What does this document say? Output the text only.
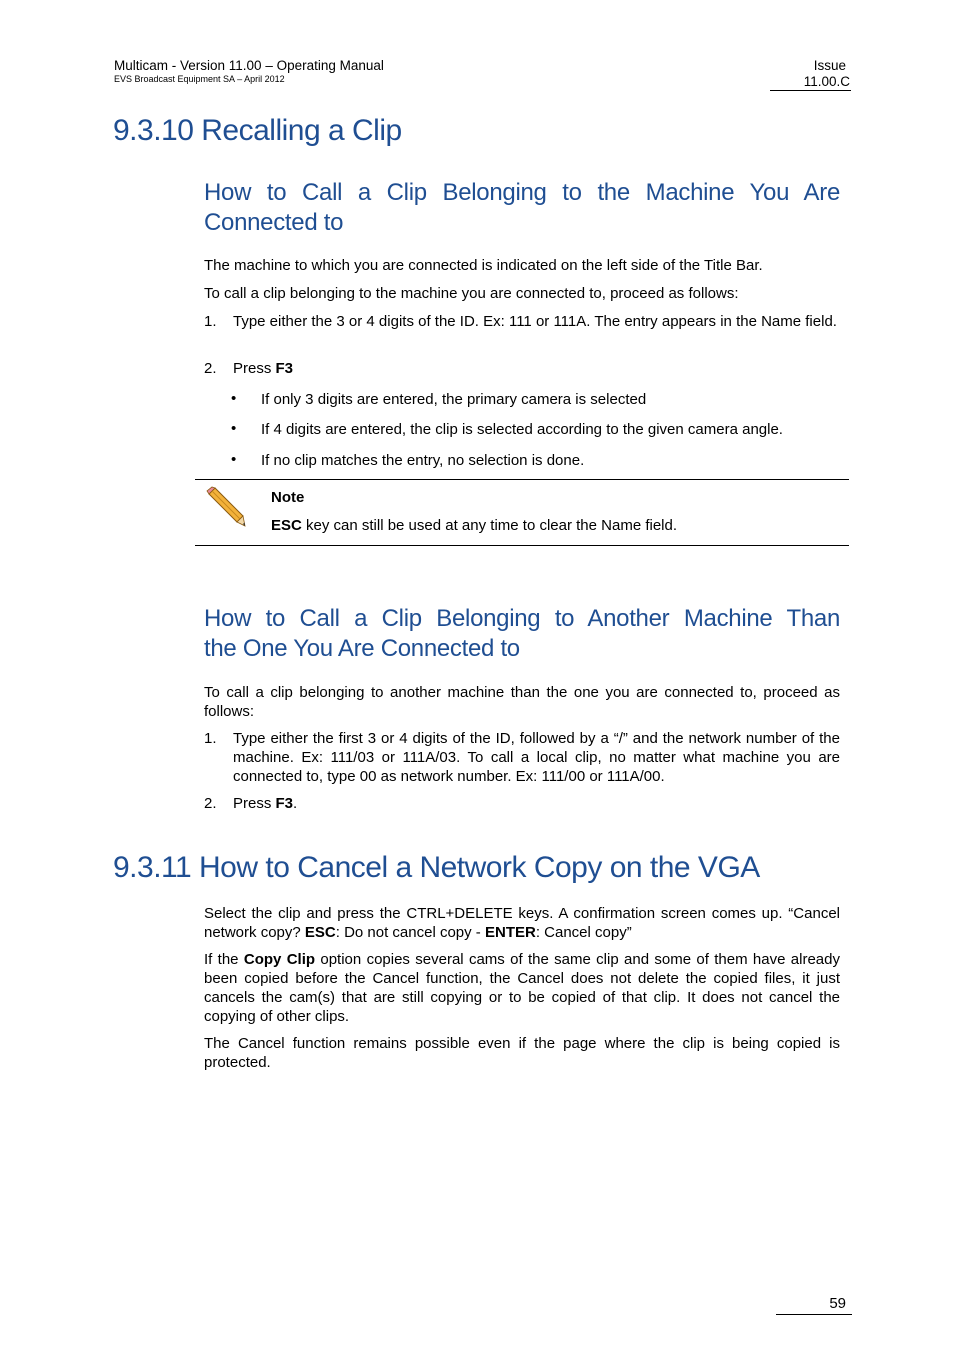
Multicam - Version 11.00 – Operating Manual
EVS Broadcast Equipment SA – April 2012
Issue
11.00.C
9.3.10 Recalling a Clip
How to Call a Clip Belonging to the Machine You Are
Connected to
The machine to which you are connected is indicated on the left side of the Title Bar.
To call a clip belonging to the machine you are connected to, proceed as follows:
1. Type either the 3 or 4 digits of the ID. Ex: 111 or 111A. The entry appears in the Name field.
2. Press F3
• If only 3 digits are entered, the primary camera is selected
• If 4 digits are entered, the clip is selected according to the given camera angle.
• If no clip matches the entry, no selection is done.
Note
ESC key can still be used at any time to clear the Name field.
How to Call a Clip Belonging to Another Machine Than
the One You Are Connected to
To call a clip belonging to another machine than the one you are connected to, proceed as follows:
1. Type either the first 3 or 4 digits of the ID, followed by a “/” and the network number of the machine. Ex: 111/03 or 111A/03. To call a local clip, no matter what machine you are connected to, type 00 as network number. Ex: 111/00 or 111A/00.
2. Press F3.
9.3.11 How to Cancel a Network Copy on the VGA
Select the clip and press the CTRL+DELETE keys. A confirmation screen comes up. “Cancel network copy? ESC: Do not cancel copy - ENTER: Cancel copy”
If the Copy Clip option copies several cams of the same clip and some of them have already been copied before the Cancel function, the Cancel does not delete the copied files, it just cancels the cam(s) that are still copying or to be copied of that clip. It does not cancel the copying of other clips.
The Cancel function remains possible even if the page where the clip is being copied is protected.
59
